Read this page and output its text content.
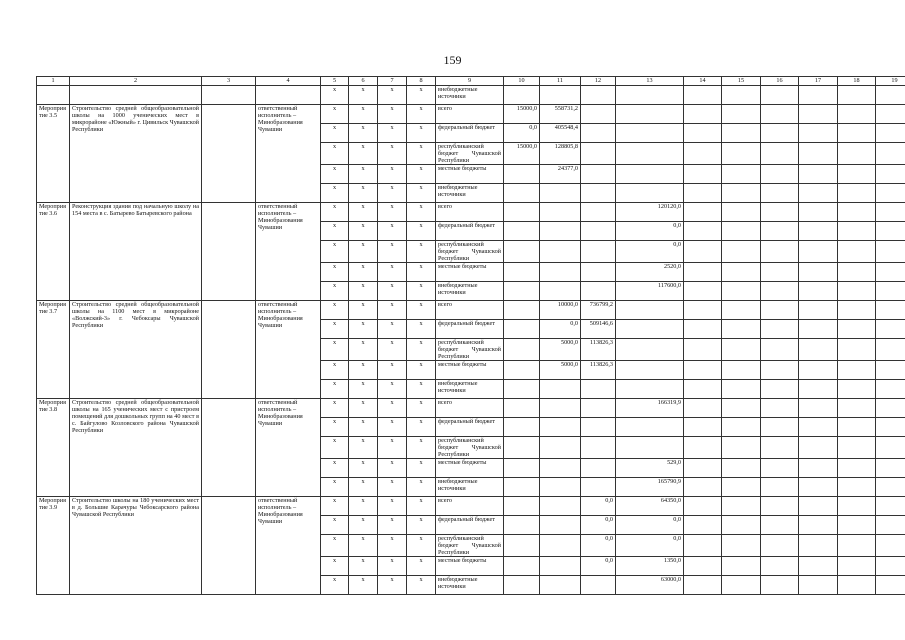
159
1	2	3	4	5	6	7	8	9	10	11	12	13	14	15	16	17	18	19
				x	x	x	x	внебюджетные источники										
Мероприятие 3.5	Строительство средней общеобразовательной школы на 1000 ученических мест в микрорайоне «Южный» г. Цивильск Чувашской Республики		ответственный исполнитель – Минобразования Чувашии	x	x	x	x	всего	15000,0	558731,2								
				x	x	x	x	федеральный бюджет	0,0	405548,4								
				x	x	x	x	республиканский бюджет Чувашской Республики	15000,0	128805,8								
				x	x	x	x	местные бюджеты		24377,0								
				x	x	x	x	внебюджетные источники										
Мероприятие 3.6	Реконструкция здания под начальную школу на 154 места в с. Батырево Батыревского района		ответственный исполнитель – Минобразования Чувашии	x	x	x	x	всего				120120,0						
				x	x	x	x	федеральный бюджет				0,0						
				x	x	x	x	республиканский бюджет Чувашской Республики				0,0						
				x	x	x	x	местные бюджеты				2520,0						
				x	x	x	x	внебюджетные источники				117600,0						
Мероприятие 3.7	Строительство средней общеобразовательной школы на 1100 мест в микрорайоне «Волжский-3» г. Чебоксары Чувашской Республики		ответственный исполнитель – Минобразования Чувашии	x	x	x	x	всего		10000,0	736799,2							
				x	x	x	x	федеральный бюджет		0,0	509146,6							
				x	x	x	x	республиканский бюджет Чувашской Республики		5000,0	113826,3							
				x	x	x	x	местные бюджеты		5000,0	113826,3							
				x	x	x	x	внебюджетные источники										
Мероприятие 3.8	Строительство средней общеобразовательной школы на 165 ученических мест с пристроем помещений для дошкольных групп на 40 мест в с. Байгулово Козловского района Чувашской Республики		ответственный исполнитель – Минобразования Чувашии	x	x	x	x	всего				166319,9						
				x	x	x	x	федеральный бюджет										
				x	x	x	x	республиканский бюджет Чувашской Республики										
				x	x	x	x	местные бюджеты				529,0						
				x	x	x	x	внебюджетные источники				165790,9						
Мероприятие 3.9	Строительство школы на 180 ученических мест в д. Большие Карачуры Чебоксарского района Чувашской Республики		ответственный исполнитель – Минобразования Чувашии	x	x	x	x	всего			0,0	64350,0						
				x	x	x	x	федеральный бюджет			0,0	0,0						
				x	x	x	x	республиканский бюджет Чувашской Республики			0,0	0,0						
				x	x	x	x	местные бюджеты			0,0	1350,0						
				x	x	x	x	внебюджетные источники				63000,0						
